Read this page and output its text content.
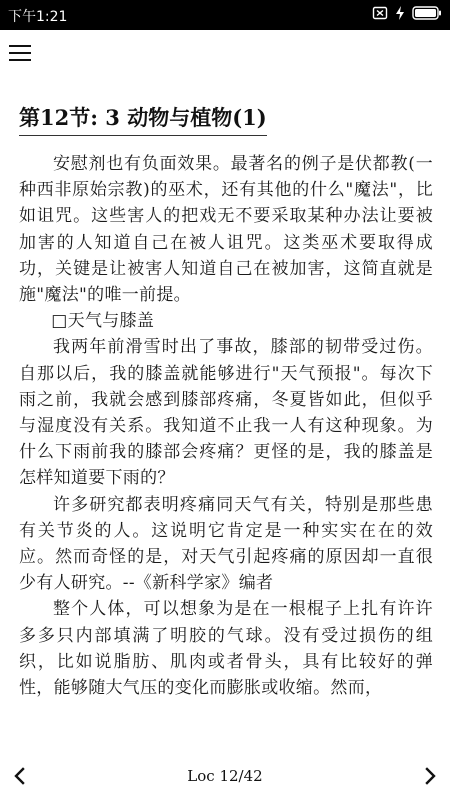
下午1:21
第12节: 3 动物与植物(1)

安慰剂也有负面效果。最著名的例子是伏都教(一种西非原始宗教)的巫术，还有其他的什么"魔法"，比如诅咒。这些害人的把戏无不要采取某种办法让要被加害的人知道自己在被人诅咒。这类巫术要取得成功，关键是让被害人知道自己在被加害，这简直就是施"魔法"的唯一前提。

□天气与膝盖

我两年前滑雪时出了事故，膝部的韧带受过伤。自那以后，我的膝盖就能够进行"天气预报"。每次下雨之前，我就会感到膝部疼痛，冬夏皆如此，但似乎与湿度没有关系。我知道不止我一人有这种现象。为什么下雨前我的膝部会疼痛？更怪的是，我的膝盖是怎样知道要下雨的？

许多研究都表明疼痛同天气有关，特别是那些患有关节炎的人。这说明它肯定是一种实实在在的效应。然而奇怪的是，对天气引起疼痛的原因却一直很少有人研究。--《新科学家》编者

整个人体，可以想象为是在一根棍子上扎有许许多多只内部填满了明胶的气球。没有受过损伤的组织，比如说脂肪、肌肉或者骨头，具有比较好的弹性，能够随大气压的变化而膨胀或收缩。然而，

Loc 12/42
